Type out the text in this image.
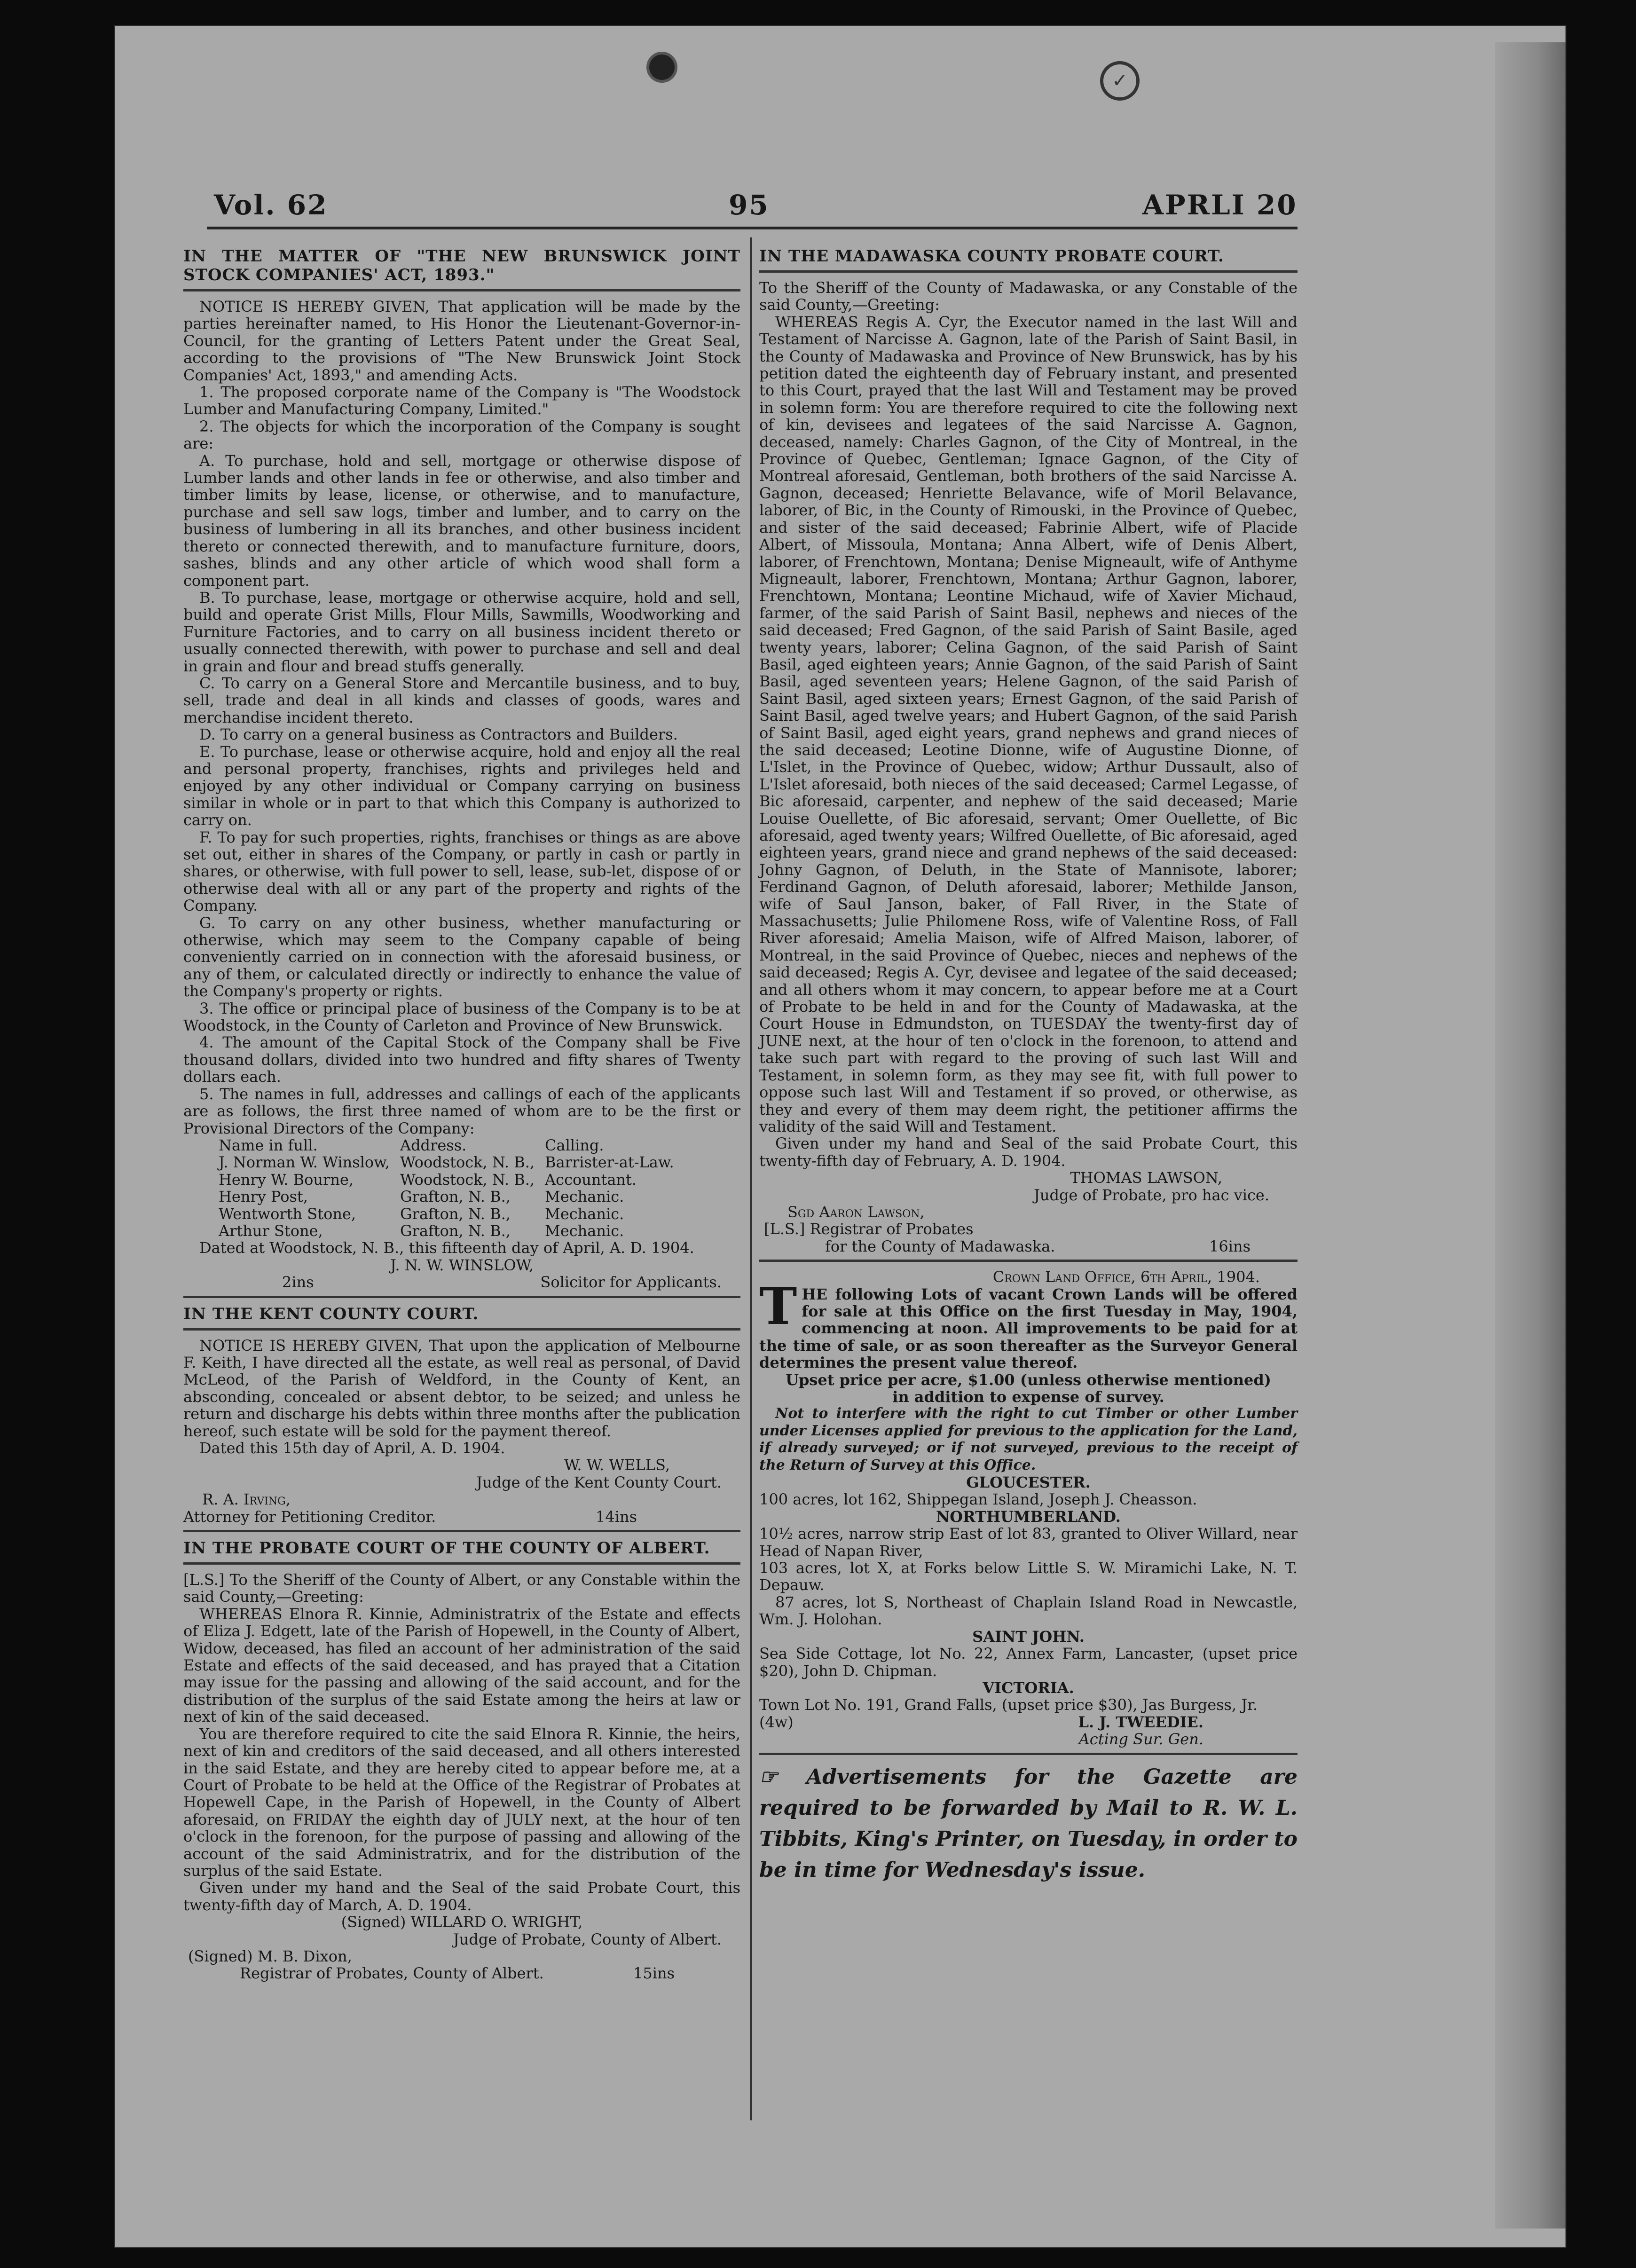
✓
Vol. 62	95	APRLI 20

IN THE MATTER OF "THE NEW BRUNSWICK JOINT STOCK COMPANIES' ACT, 1893."

NOTICE IS HEREBY GIVEN, That application will be made by the parties hereinafter named, to His Honor the Lieutenant-Governor-in-Council, for the granting of Letters Patent under the Great Seal, according to the provisions of "The New Brunswick Joint Stock Companies' Act, 1893," and amending Acts.

1. The proposed corporate name of the Company is "The Woodstock Lumber and Manufacturing Company, Limited."

2. The objects for which the incorporation of the Company is sought are:

A. To purchase, hold and sell, mortgage or otherwise dispose of Lumber lands and other lands in fee or otherwise, and also timber and timber limits by lease, license, or otherwise, and to manufacture, purchase and sell saw logs, timber and lumber, and to carry on the business of lumbering in all its branches, and other business incident thereto or connected therewith, and to manufacture furniture, doors, sashes, blinds and any other article of which wood shall form a component part.

B. To purchase, lease, mortgage or otherwise acquire, hold and sell, build and operate Grist Mills, Flour Mills, Sawmills, Woodworking and Furniture Factories, and to carry on all business incident thereto or usually connected therewith, with power to purchase and sell and deal in grain and flour and bread stuffs generally.

C. To carry on a General Store and Mercantile business, and to buy, sell, trade and deal in all kinds and classes of goods, wares and merchandise incident thereto.

D. To carry on a general business as Contractors and Builders.

E. To purchase, lease or otherwise acquire, hold and enjoy all the real and personal property, franchises, rights and privileges held and enjoyed by any other individual or Company carrying on business similar in whole or in part to that which this Company is authorized to carry on.

F. To pay for such properties, rights, franchises or things as are above set out, either in shares of the Company, or partly in cash or partly in shares, or otherwise, with full power to sell, lease, sub-let, dispose of or otherwise deal with all or any part of the property and rights of the Company.

G. To carry on any other business, whether manufacturing or otherwise, which may seem to the Company capable of being conveniently carried on in connection with the aforesaid business, or any of them, or calculated directly or indirectly to enhance the value of the Company's property or rights.

3. The office or principal place of business of the Company is to be at Woodstock, in the County of Carleton and Province of New Brunswick.

4. The amount of the Capital Stock of the Company shall be Five thousand dollars, divided into two hundred and fifty shares of Twenty dollars each.

5. The names in full, addresses and callings of each of the applicants are as follows, the first three named of whom are to be the first or Provisional Directors of the Company:

Name in full.	Address.	Calling.
J. Norman W. Winslow,	Woodstock, N. B.,	Barrister-at-Law.
Henry W. Bourne,	Woodstock, N. B.,	Accountant.
Henry Post,	Grafton, N. B.,	Mechanic.
Wentworth Stone,	Grafton, N. B.,	Mechanic.
Arthur Stone,	Grafton, N. B.,	Mechanic.

Dated at Woodstock, N. B., this fifteenth day of April, A. D. 1904.

J. N. W. WINSLOW,

2ins	Solicitor for Applicants.

IN THE KENT COUNTY COURT.

NOTICE IS HEREBY GIVEN, That upon the application of Melbourne F. Keith, I have directed all the estate, as well real as personal, of David McLeod, of the Parish of Weldford, in the County of Kent, an absconding, concealed or absent debtor, to be seized; and unless he return and discharge his debts within three months after the publication hereof, such estate will be sold for the payment thereof.

Dated this 15th day of April, A. D. 1904.

W. W. WELLS,

Judge of the Kent County Court.

R. A. Irving,

Attorney for Petitioning Creditor.	14ins

IN THE PROBATE COURT OF THE COUNTY OF ALBERT.

[L.S.] To the Sheriff of the County of Albert, or any Constable within the said County,—Greeting:

WHEREAS Elnora R. Kinnie, Administratrix of the Estate and effects of Eliza J. Edgett, late of the Parish of Hopewell, in the County of Albert, Widow, deceased, has filed an account of her administration of the said Estate and effects of the said deceased, and has prayed that a Citation may issue for the passing and allowing of the said account, and for the distribution of the surplus of the said Estate among the heirs at law or next of kin of the said deceased.

You are therefore required to cite the said Elnora R. Kinnie, the heirs, next of kin and creditors of the said deceased, and all others interested in the said Estate, and they are hereby cited to appear before me, at a Court of Probate to be held at the Office of the Registrar of Probates at Hopewell Cape, in the Parish of Hopewell, in the County of Albert aforesaid, on FRIDAY the eighth day of JULY next, at the hour of ten o'clock in the forenoon, for the purpose of passing and allowing of the account of the said Administratrix, and for the distribution of the surplus of the said Estate.

Given under my hand and the Seal of the said Probate Court, this twenty-fifth day of March, A. D. 1904.

(Signed) WILLARD O. WRIGHT,

Judge of Probate, County of Albert.

(Signed) M. B. Dixon,

Registrar of Probates, County of Albert.	15ins

IN THE MADAWASKA COUNTY PROBATE COURT.

To the Sheriff of the County of Madawaska, or any Constable of the said County,—Greeting:

WHEREAS Regis A. Cyr, the Executor named in the last Will and Testament of Narcisse A. Gagnon, late of the Parish of Saint Basil, in the County of Madawaska and Province of New Brunswick, has by his petition dated the eighteenth day of February instant, and presented to this Court, prayed that the last Will and Testament may be proved in solemn form: You are therefore required to cite the following next of kin, devisees and legatees of the said Narcisse A. Gagnon, deceased, namely: Charles Gagnon, of the City of Montreal, in the Province of Quebec, Gentleman; Ignace Gagnon, of the City of Montreal aforesaid, Gentleman, both brothers of the said Narcisse A. Gagnon, deceased; Henriette Belavance, wife of Moril Belavance, laborer, of Bic, in the County of Rimouski, in the Province of Quebec, and sister of the said deceased; Fabrinie Albert, wife of Placide Albert, of Missoula, Montana; Anna Albert, wife of Denis Albert, laborer, of Frenchtown, Montana; Denise Migneault, wife of Anthyme Migneault, laborer, Frenchtown, Montana; Arthur Gagnon, laborer, Frenchtown, Montana; Leontine Michaud, wife of Xavier Michaud, farmer, of the said Parish of Saint Basil, nephews and nieces of the said deceased; Fred Gagnon, of the said Parish of Saint Basile, aged twenty years, laborer; Celina Gagnon, of the said Parish of Saint Basil, aged eighteen years; Annie Gagnon, of the said Parish of Saint Basil, aged seventeen years; Helene Gagnon, of the said Parish of Saint Basil, aged sixteen years; Ernest Gagnon, of the said Parish of Saint Basil, aged twelve years; and Hubert Gagnon, of the said Parish of Saint Basil, aged eight years, grand nephews and grand nieces of the said deceased; Leotine Dionne, wife of Augustine Dionne, of L'Islet, in the Province of Quebec, widow; Arthur Dussault, also of L'Islet aforesaid, both nieces of the said deceased; Carmel Legasse, of Bic aforesaid, carpenter, and nephew of the said deceased; Marie Louise Ouellette, of Bic aforesaid, servant; Omer Ouellette, of Bic aforesaid, aged twenty years; Wilfred Ouellette, of Bic aforesaid, aged eighteen years, grand niece and grand nephews of the said deceased: Johny Gagnon, of Deluth, in the State of Mannisote, laborer; Ferdinand Gagnon, of Deluth aforesaid, laborer; Methilde Janson, wife of Saul Janson, baker, of Fall River, in the State of Massachusetts; Julie Philomene Ross, wife of Valentine Ross, of Fall River aforesaid; Amelia Maison, wife of Alfred Maison, laborer, of Montreal, in the said Province of Quebec, nieces and nephews of the said deceased; Regis A. Cyr, devisee and legatee of the said deceased; and all others whom it may concern, to appear before me at a Court of Probate to be held in and for the County of Madawaska, at the Court House in Edmundston, on TUESDAY the twenty-first day of JUNE next, at the hour of ten o'clock in the forenoon, to attend and take such part with regard to the proving of such last Will and Testament, in solemn form, as they may see fit, with full power to oppose such last Will and Testament if so proved, or otherwise, as they and every of them may deem right, the petitioner affirms the validity of the said Will and Testament.

Given under my hand and Seal of the said Probate Court, this twenty-fifth day of February, A. D. 1904.

THOMAS LAWSON,

Judge of Probate, pro hac vice.

Sgd Aaron Lawson,

[L.S.] Registrar of Probates

for the County of Madawaska.	16ins

Crown Land Office, 6th April, 1904.

THE following Lots of vacant Crown Lands will be offered for sale at this Office on the first Tuesday in May, 1904, commencing at noon. All improvements to be paid for at the time of sale, or as soon thereafter as the Surveyor General determines the present value thereof.

Upset price per acre, $1.00 (unless otherwise mentioned)

in addition to expense of survey.

Not to interfere with the right to cut Timber or other Lumber under Licenses applied for previous to the application for the Land, if already surveyed; or if not surveyed, previous to the receipt of the Return of Survey at this Office.

GLOUCESTER.

100 acres, lot 162, Shippegan Island, Joseph J. Cheasson.

NORTHUMBERLAND.

10½ acres, narrow strip East of lot 83, granted to Oliver Willard, near Head of Napan River,

103 acres, lot X, at Forks below Little S. W. Miramichi Lake, N. T. Depauw.

87 acres, lot S, Northeast of Chaplain Island Road in Newcastle, Wm. J. Holohan.

SAINT JOHN.

Sea Side Cottage, lot No. 22, Annex Farm, Lancaster, (upset price $20), John D. Chipman.

VICTORIA.

Town Lot No. 191, Grand Falls, (upset price $30), Jas Burgess, Jr.

(4w)	L. J. TWEEDIE.

Acting Sur. Gen.

☞ Advertisements for the Gazette are required to be forwarded by Mail to R. W. L. Tibbits, King's Printer, on Tuesday, in order to be in time for Wednesday's issue.
